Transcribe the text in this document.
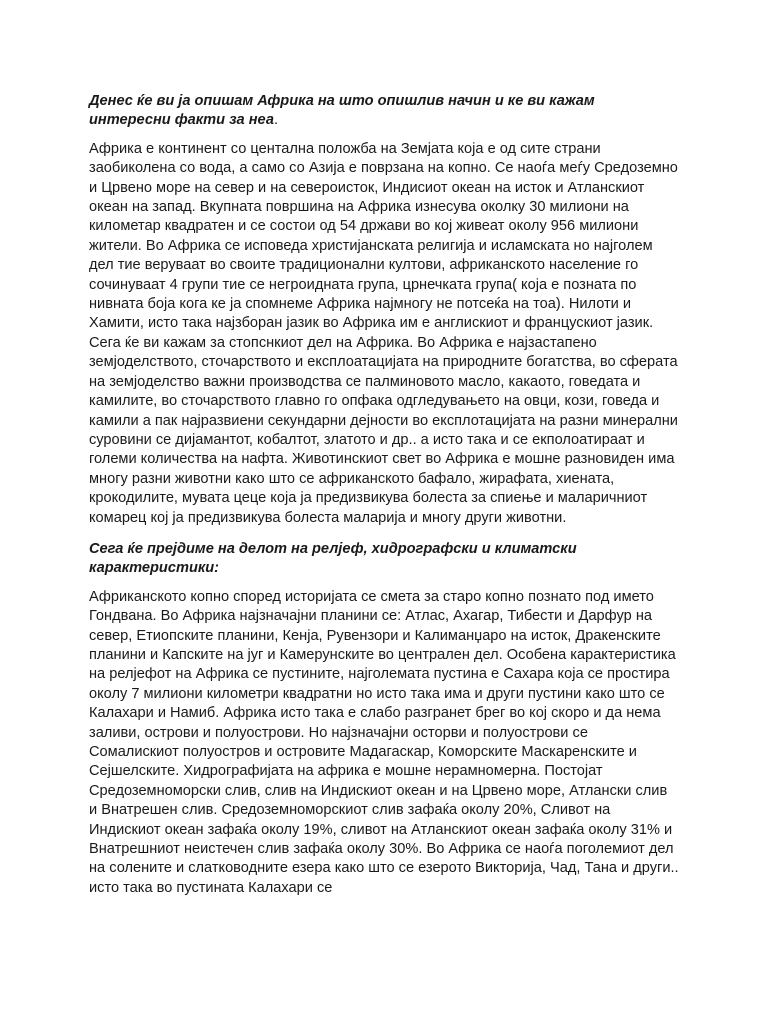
Денес ќе ви ја опишам Африка на што опишлив начин и ке ви кажам интересни факти за неа.

Африка е континент со центална положба на Земјата која е од сите страни заобиколена со вода, а само со Азија е поврзана на копно. Се наоѓа меѓу Средоземно и Црвено море на север и на североисток, Индисиот океан на исток и Атланскиот океан на запад. Вкупната површина на Африка изнесува околку 30 милиони на километар квадратен и се состои од 54 држави во кој живеат околу 956 милиони жители. Во Африка се исповеда христијанската религија и исламската но најголем дел тие веруваат во своите традиционални култови, африканското население го сочинуваат 4 групи тие се негроидната група, црнечката група( која е позната по нивната боја кога ке ја спомнеме Африка најмногу не потсеќа на тоа). Нилоти и Хамити, исто така најзборан јазик во Африка им е англискиот и францускиот јазик. Сега ќе ви кажам за стопснкиот дел на Африка. Во Африка е најзастапено земјоделството, сточарството и експлоатацијата на природните богатства, во сферата на земјоделство важни производства се палминовото масло, какаото, говедата и камилите, во сточарството главно го опфака одгледувањето на овци, кози, говеда и камили а пак најразвиени секундарни дејности во експлотацијата на разни минерални суровини се дијамантот, кобалтот, златото и др.. а исто така и се екполоатираат и големи количества на нафта. Животинскиот свет во Африка е мошне разновиден има многу разни животни како што се африканското бафало, жирафата, хиената, крокодилите, мувата цеце која ја предизвикува болеста за спиење и маларичниот комарец кој ја предизвикува болеста маларија и многу други животни.

Сега ќе прејдиме на делот на релјеф, хидрографски и климатски карактеристики:

Африканското копно според историјата се смета за старо копно познато под името Гондвана. Во Африка најзначајни планини се: Атлас, Ахагар, Тибести и Дарфур на север, Етиопските планини, Кенја, Рувензори и Калиманџаро на исток, Дракенските планини и Капските на југ и Камерунските во централен дел. Особена карактеристика на релјефот на Африка се пустините, најголемата пустина е Сахара која се простира околу 7 милиони километри квадратни но исто така има и други пустини како што се Калахари и Намиб. Африка исто така е слабо разгранет брег во кој скоро и да нема заливи, острови и полуострови. Но најзначајни осторви и полуострови се Сомалискиот полуостров и островите Мадагаскар, Коморските Маскаренските и Сејшелските. Хидрографијата на африка е мошне нерамномерна. Постојат Средоземноморски слив, слив на Индискиот океан и на Црвено море, Атлански слив и Внатрешен слив. Средоземноморскиот слив зафаќа околу 20%, Сливот на Индискиот океан зафаќа околу 19%, сливот на Атланскиот океан зафаќа околу 31% и Внатрешниот неистечен слив зафаќа околу 30%. Во Африка се наоѓа поголемиот дел на солените и слатководните езера како што се езерото Викторија, Чад, Тана и други.. исто така во пустината Калахари се
